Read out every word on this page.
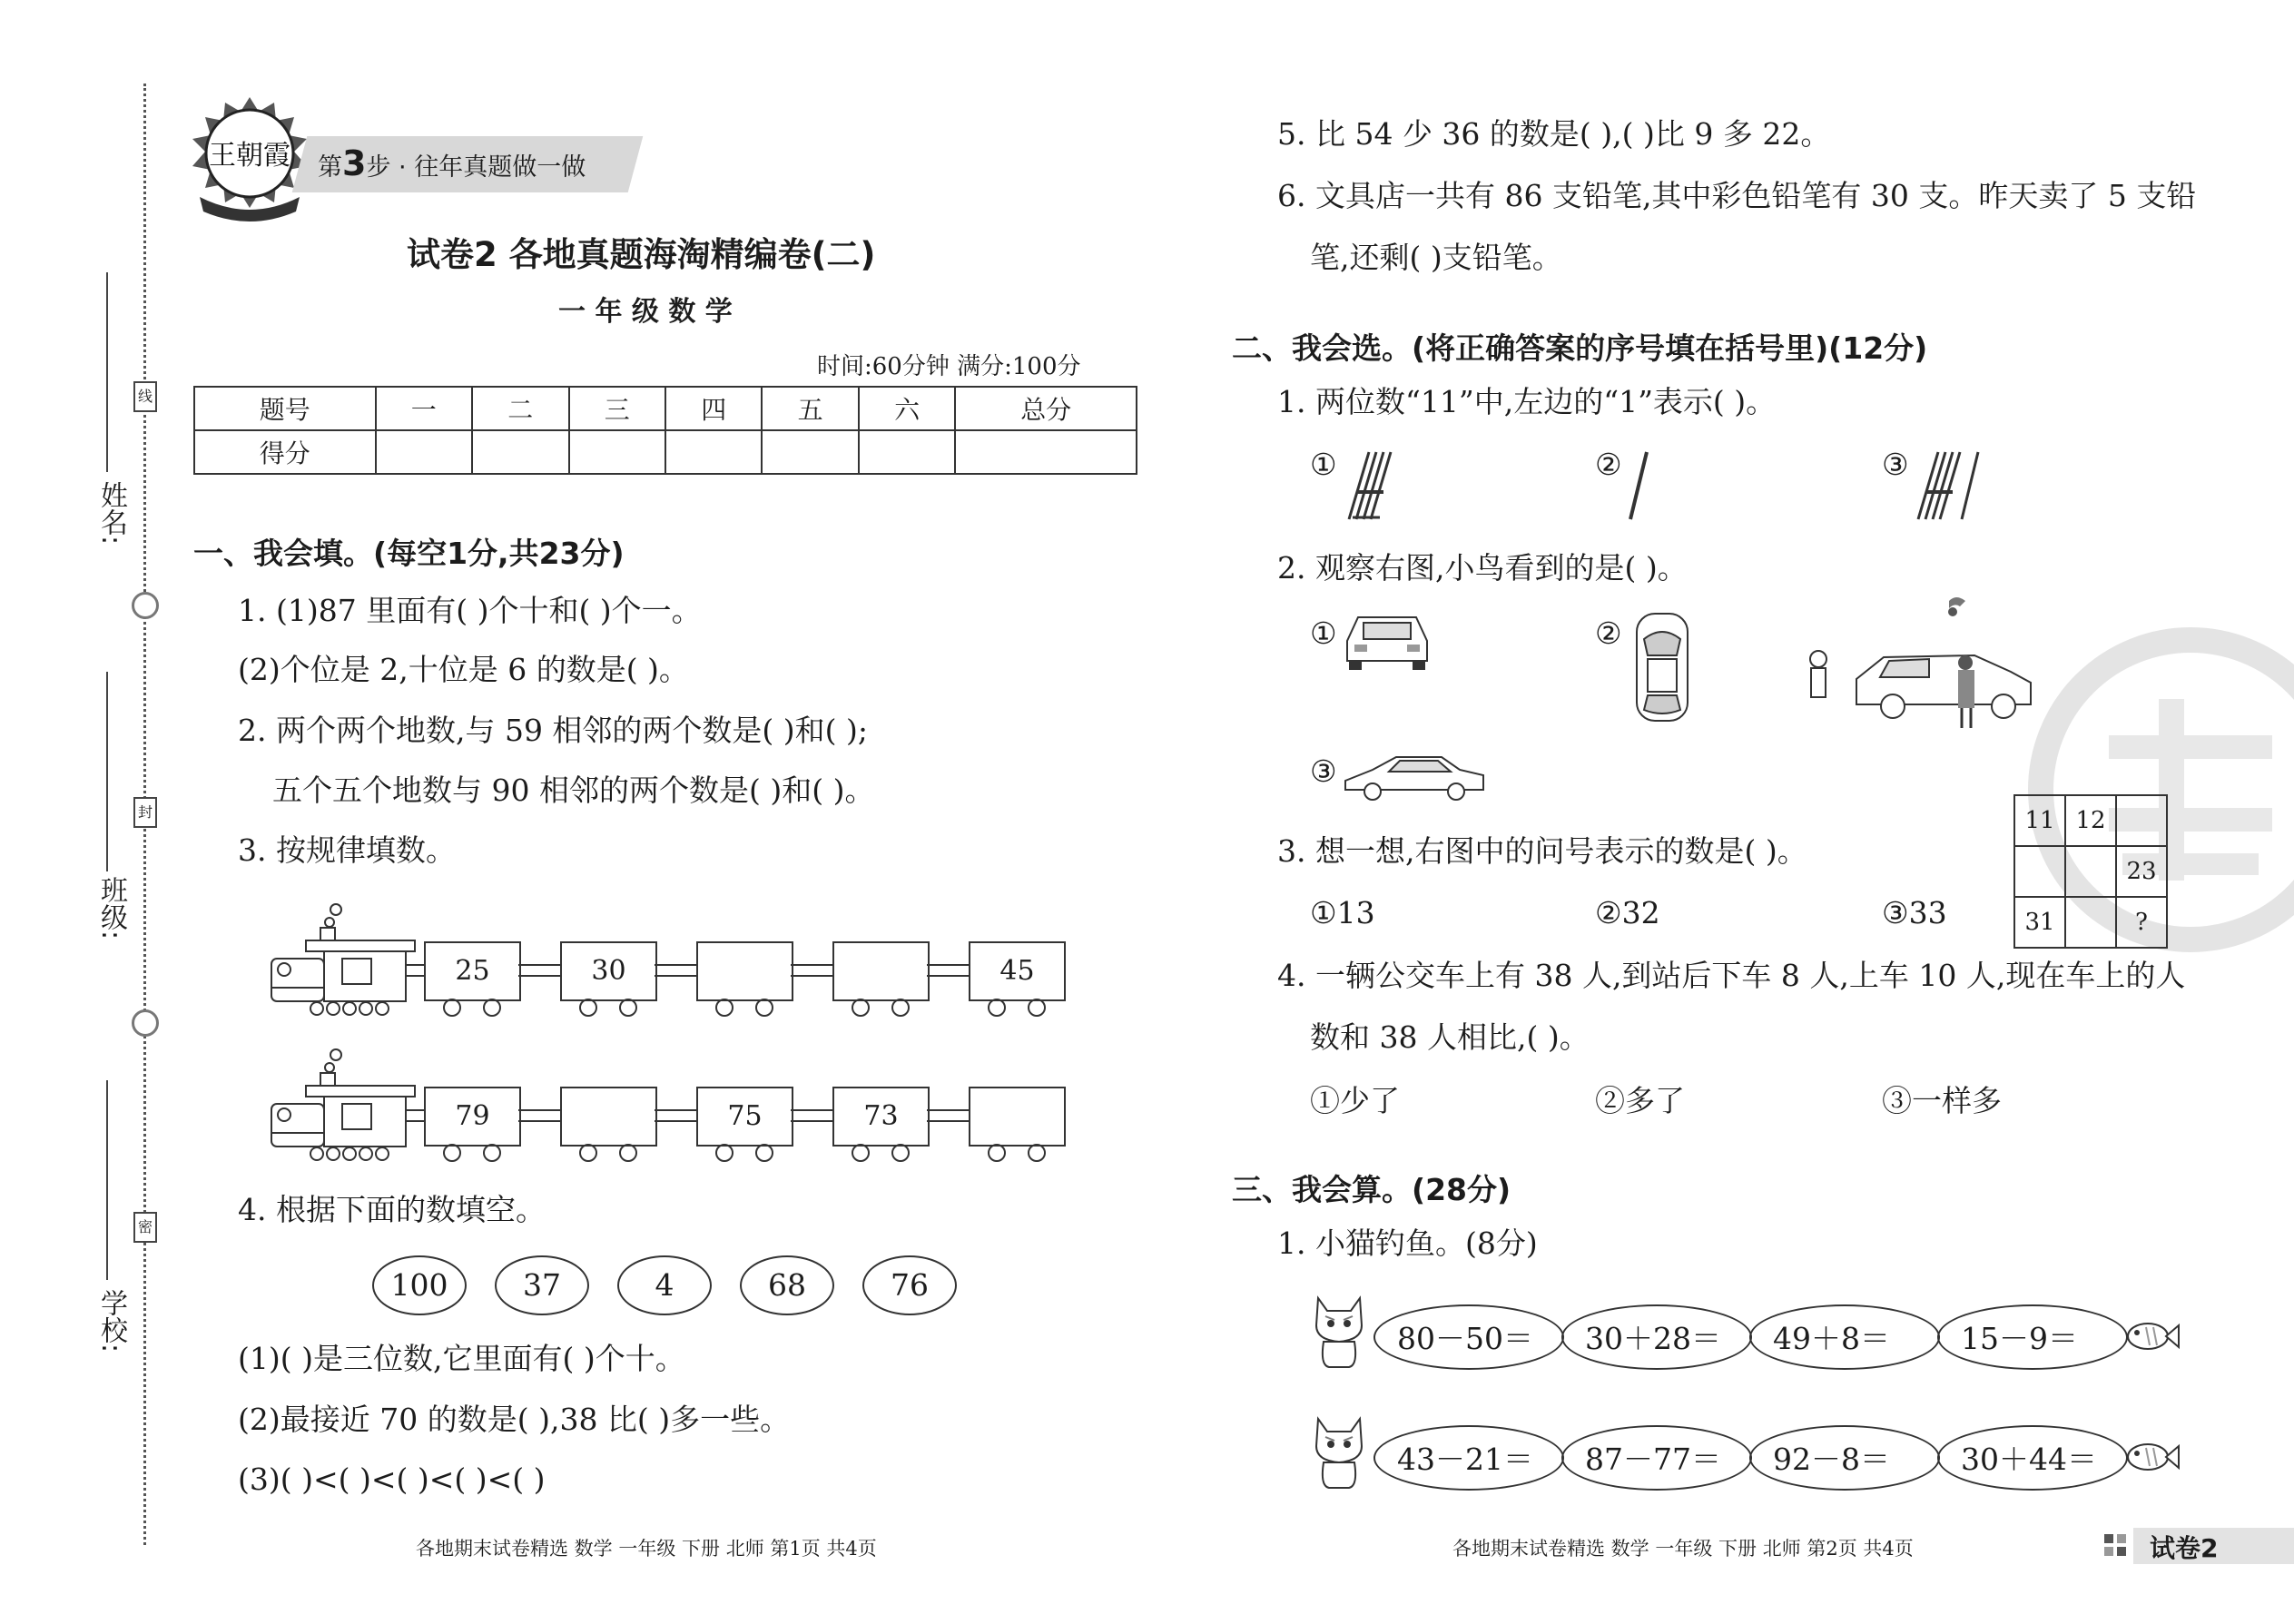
姓名:
班级:
学校:
线
封
密
王朝霞 第3步 · 往年真题做一做
试卷2 各地真题海淘精编卷(二)
一 年 级 数 学
时间:60分钟 满分:100分
题号	一	二	三	四	五	六	总分
得分							
一、我会填。(每空1分,共23分)
1. (1)87 里面有( )个十和( )个一。
(2)个位是 2,十位是 6 的数是( )。
2. 两个两个地数,与 59 相邻的两个数是( )和( );
五个五个地数与 90 相邻的两个数是( )和( )。
3. 按规律填数。
25	30	45
79	75	73
4. 根据下面的数填空。
100	37	4	68	76
(1)( )是三位数,它里面有( )个十。
(2)最接近 70 的数是( ),38 比( )多一些。
(3)( )<( )<( )<( )<( )
各地期末试卷精选 数学 一年级 下册 北师 第1页 共4页
5. 比 54 少 36 的数是( ),( )比 9 多 22。
6. 文具店一共有 86 支铅笔,其中彩色铅笔有 30 支。昨天卖了 5 支铅
笔,还剩( )支铅笔。
二、我会选。(将正确答案的序号填在括号里)(12分)
1. 两位数“11”中,左边的“1”表示( )。
①	②	③
2. 观察右图,小鸟看到的是( )。
①	②
③
3. 想一想,右图中的问号表示的数是( )。
11	12	
		23
31		?
①13	②32	③33
4. 一辆公交车上有 38 人,到站后下车 8 人,上车 10 人,现在车上的人
数和 38 人相比,( )。
①少了	②多了	③一样多
三、我会算。(28分)
1. 小猫钓鱼。(8分)
80－50＝	30＋28＝	49＋8＝	15－9＝
43－21＝	87－77＝	92－8＝	30＋44＝
各地期末试卷精选 数学 一年级 下册 北师 第2页 共4页	试卷2
